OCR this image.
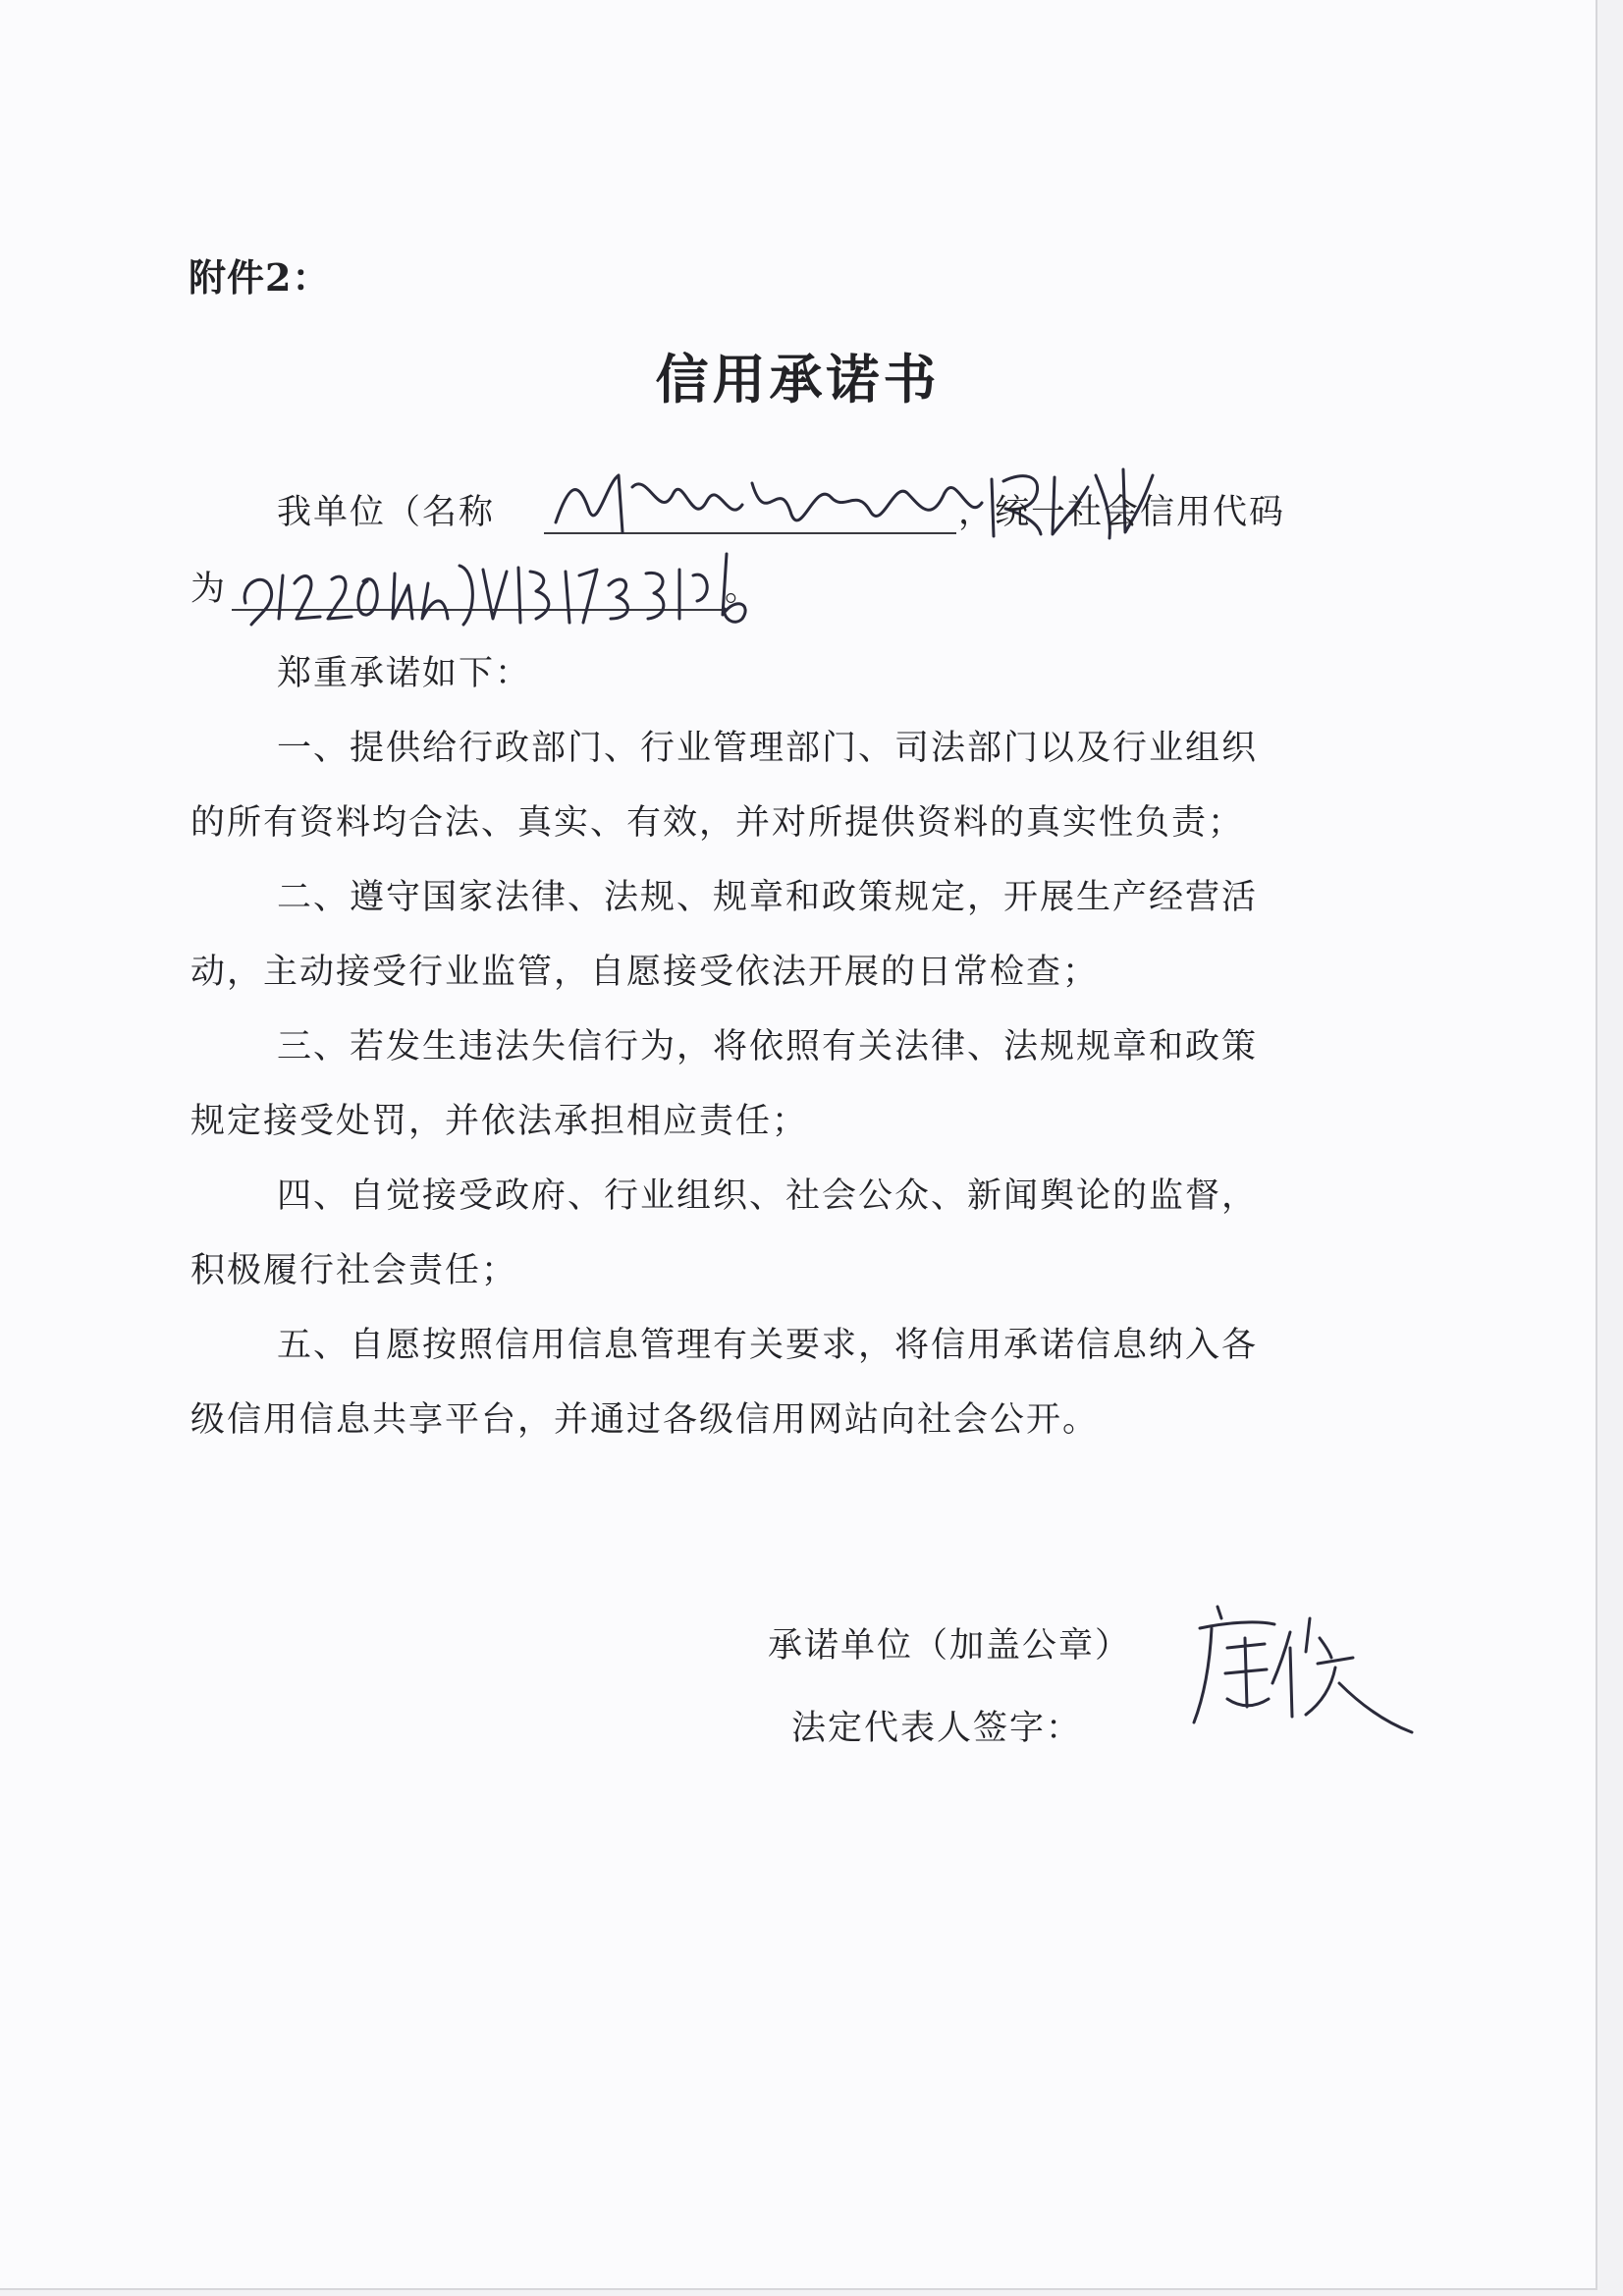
附件2：
信用承诺书
我单位（名称	，统一社会信用代码
为	。
郑重承诺如下：
一、提供给行政部门、行业管理部门、司法部门以及行业组织
的所有资料均合法、真实、有效，并对所提供资料的真实性负责；
二、遵守国家法律、法规、规章和政策规定，开展生产经营活
动，主动接受行业监管，自愿接受依法开展的日常检查；
三、若发生违法失信行为，将依照有关法律、法规规章和政策
规定接受处罚，并依法承担相应责任；
四、自觉接受政府、行业组织、社会公众、新闻舆论的监督，
积极履行社会责任；
五、自愿按照信用信息管理有关要求，将信用承诺信息纳入各
级信用信息共享平台，并通过各级信用网站向社会公开。
承诺单位（加盖公章）
法定代表人签字：
